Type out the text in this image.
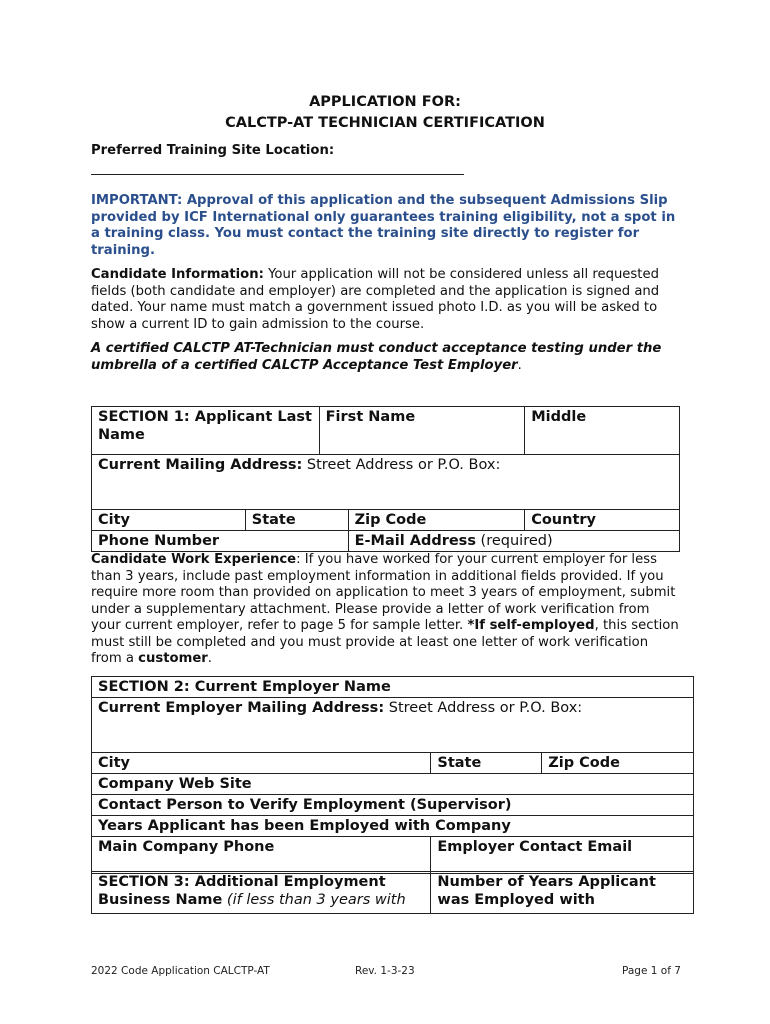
APPLICATION FOR:
CALCTP-AT TECHNICIAN CERTIFICATION
Preferred Training Site Location:
IMPORTANT: Approval of this application and the subsequent Admissions Slip provided by ICF International only guarantees training eligibility, not a spot in a training class. You must contact the training site directly to register for training.
Candidate Information: Your application will not be considered unless all requested fields (both candidate and employer) are completed and the application is signed and dated. Your name must match a government issued photo I.D. as you will be asked to show a current ID to gain admission to the course.
A certified CALCTP AT-Technician must conduct acceptance testing under the umbrella of a certified CALCTP Acceptance Test Employer.
SECTION 1: Applicant Last Name		First Name		Middle
Current Mailing Address: Street Address or P.O. Box:				
City	State		Zip Code	Country
Phone Number			E-Mail Address (required)	
Candidate Work Experience: If you have worked for your current employer for less than 3 years, include past employment information in additional fields provided. If you require more room than provided on application to meet 3 years of employment, submit under a supplementary attachment. Please provide a letter of work verification from your current employer, refer to page 5 for sample letter. *If self-employed, this section must still be completed and you must provide at least one letter of work verification from a customer.
SECTION 2: Current Employer Name		
Current Employer Mailing Address: Street Address or P.O. Box:		
City	State	Zip Code
Company Web Site		
Contact Person to Verify Employment (Supervisor)		
Years Applicant has been Employed with Company		
Main Company Phone	Employer Contact Email	
SECTION 3: Additional Employment
Business Name (if less than 3 years with	Number of Years Applicant was Employed with
2022 Code Application CALCTP-AT	Rev. 1-3-23	Page 1 of 7
